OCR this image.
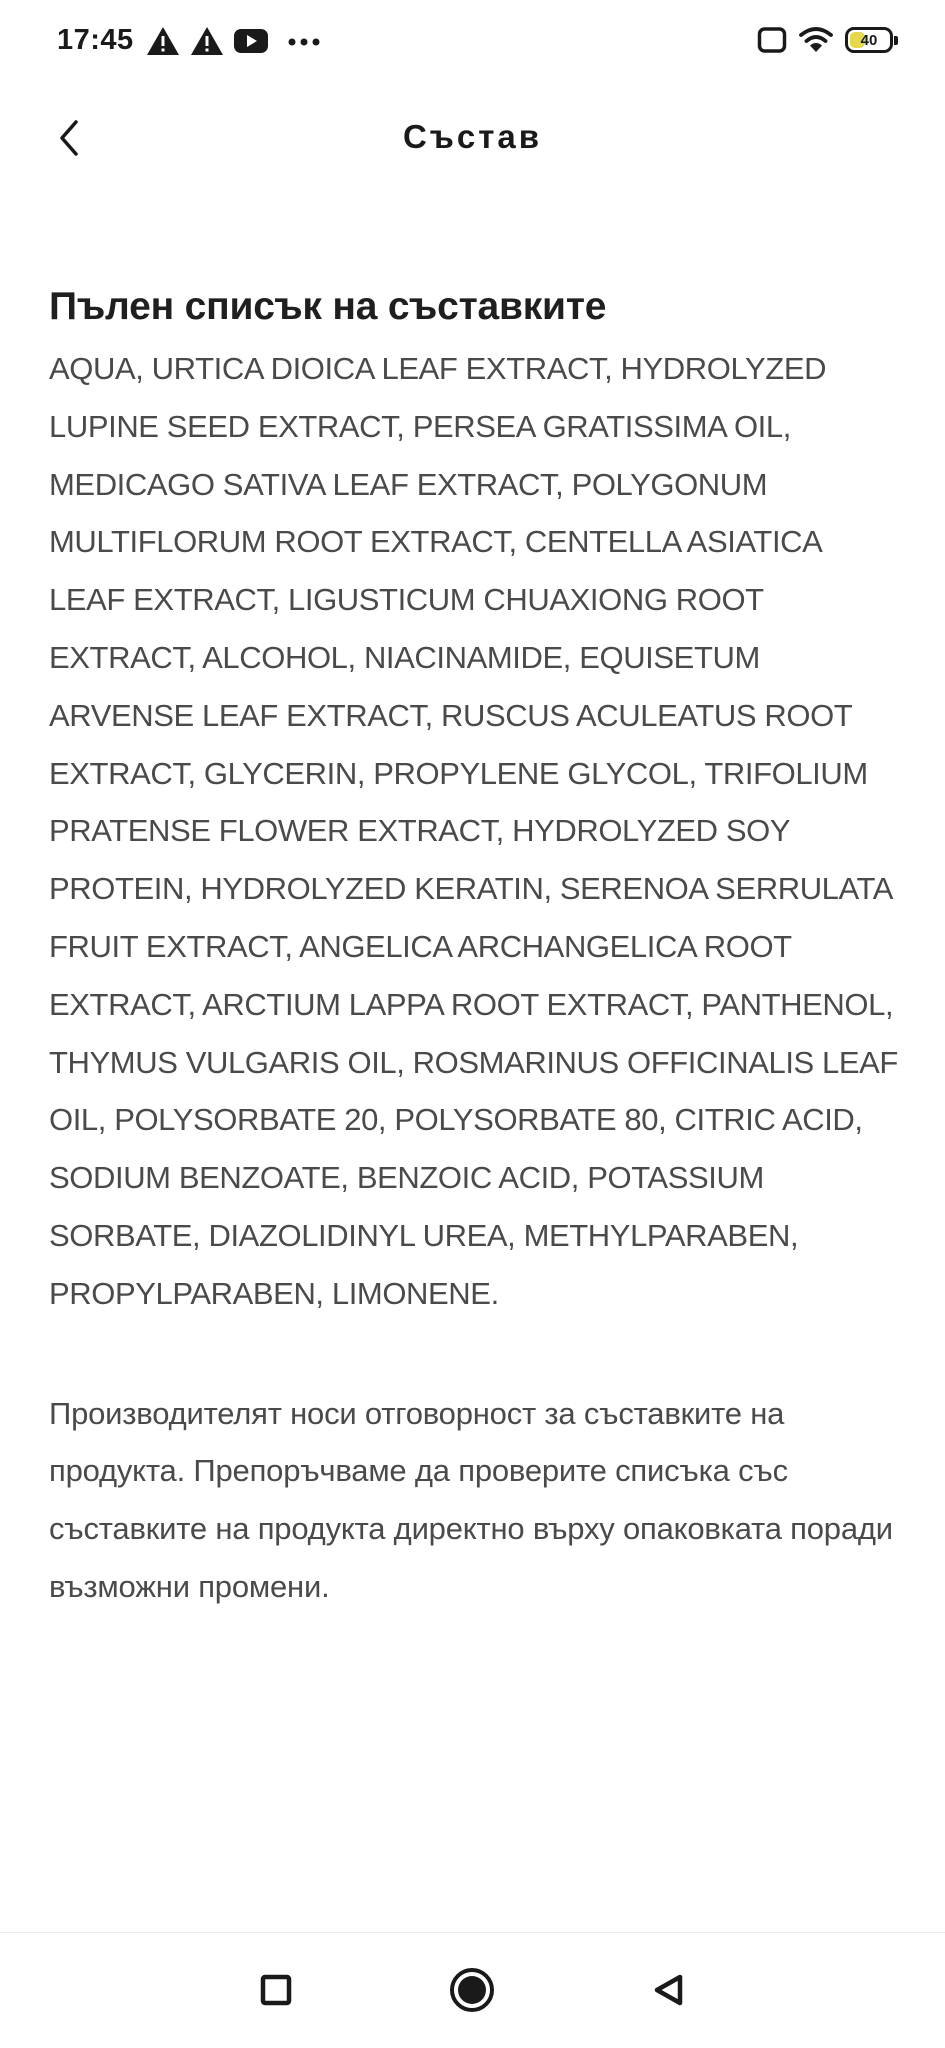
17:45	40
Състав
Пълен списък на съставките

AQUA, URTICA DIOICA LEAF EXTRACT, HYDROLYZED LUPINE SEED EXTRACT, PERSEA GRATISSIMA OIL, MEDICAGO SATIVA LEAF EXTRACT, POLYGONUM MULTIFLORUM ROOT EXTRACT, CENTELLA ASIATICA LEAF EXTRACT, LIGUSTICUM CHUAXIONG ROOT EXTRACT, ALCOHOL, NIACINAMIDE, EQUISETUM ARVENSE LEAF EXTRACT, RUSCUS ACULEATUS ROOT EXTRACT, GLYCERIN, PROPYLENE GLYCOL, TRIFOLIUM PRATENSE FLOWER EXTRACT, HYDROLYZED SOY PROTEIN, HYDROLYZED KERATIN, SERENOA SERRULATA FRUIT EXTRACT, ANGELICA ARCHANGELICA ROOT EXTRACT, ARCTIUM LAPPA ROOT EXTRACT, PANTHENOL, THYMUS VULGARIS OIL, ROSMARINUS OFFICINALIS LEAF OIL, POLYSORBATE 20, POLYSORBATE 80, CITRIC ACID, SODIUM BENZOATE, BENZOIC ACID, POTASSIUM SORBATE, DIAZOLIDINYL UREA, METHYLPARABEN, PROPYLPARABEN, LIMONENE.

Производителят носи отговорност за съставките на продукта. Препоръчваме да проверите списъка със съставките на продукта директно върху опаковката поради възможни промени.
